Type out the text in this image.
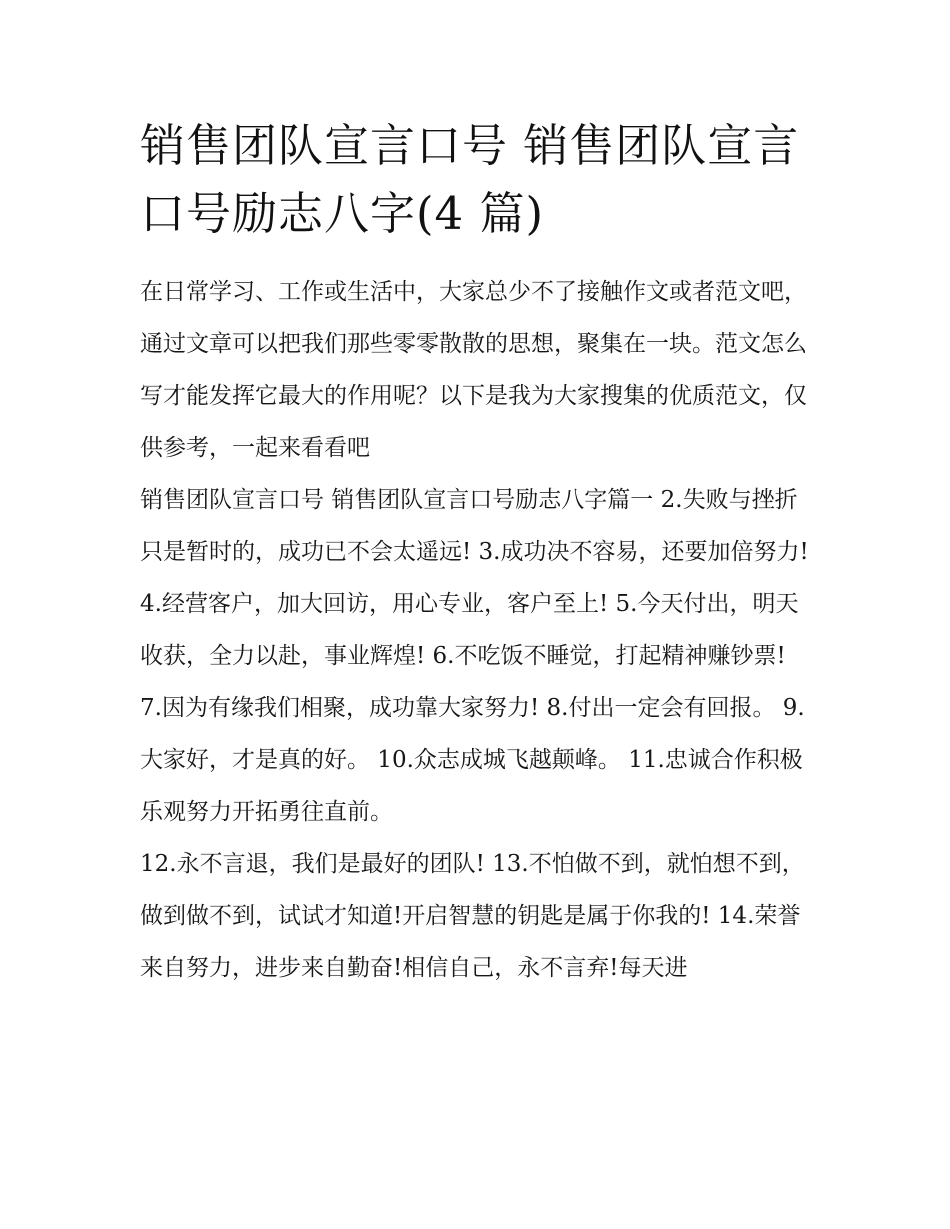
销售团队宣言口号 销售团队宣言口号励志八字(4 篇)

在日常学习、工作或生活中，大家总少不了接触作文或者范文吧，通过文章可以把我们那些零零散散的思想，聚集在一块。范文怎么写才能发挥它最大的作用呢？以下是我为大家搜集的优质范文，仅供参考，一起来看看吧

销售团队宣言口号 销售团队宣言口号励志八字篇一 2.失败与挫折只是暂时的，成功已不会太遥远! 3.成功决不容易，还要加倍努力!

4.经营客户，加大回访，用心专业，客户至上! 5.今天付出，明天收获，全力以赴，事业辉煌! 6.不吃饭不睡觉，打起精神赚钞票!

7.因为有缘我们相聚，成功靠大家努力! 8.付出一定会有回报。 9.大家好，才是真的好。 10.众志成城飞越颠峰。 11.忠诚合作积极乐观努力开拓勇往直前。

12.永不言退，我们是最好的团队! 13.不怕做不到，就怕想不到，做到做不到，试试才知道!开启智慧的钥匙是属于你我的! 14.荣誉来自努力，进步来自勤奋!相信自己，永不言弃!每天进
